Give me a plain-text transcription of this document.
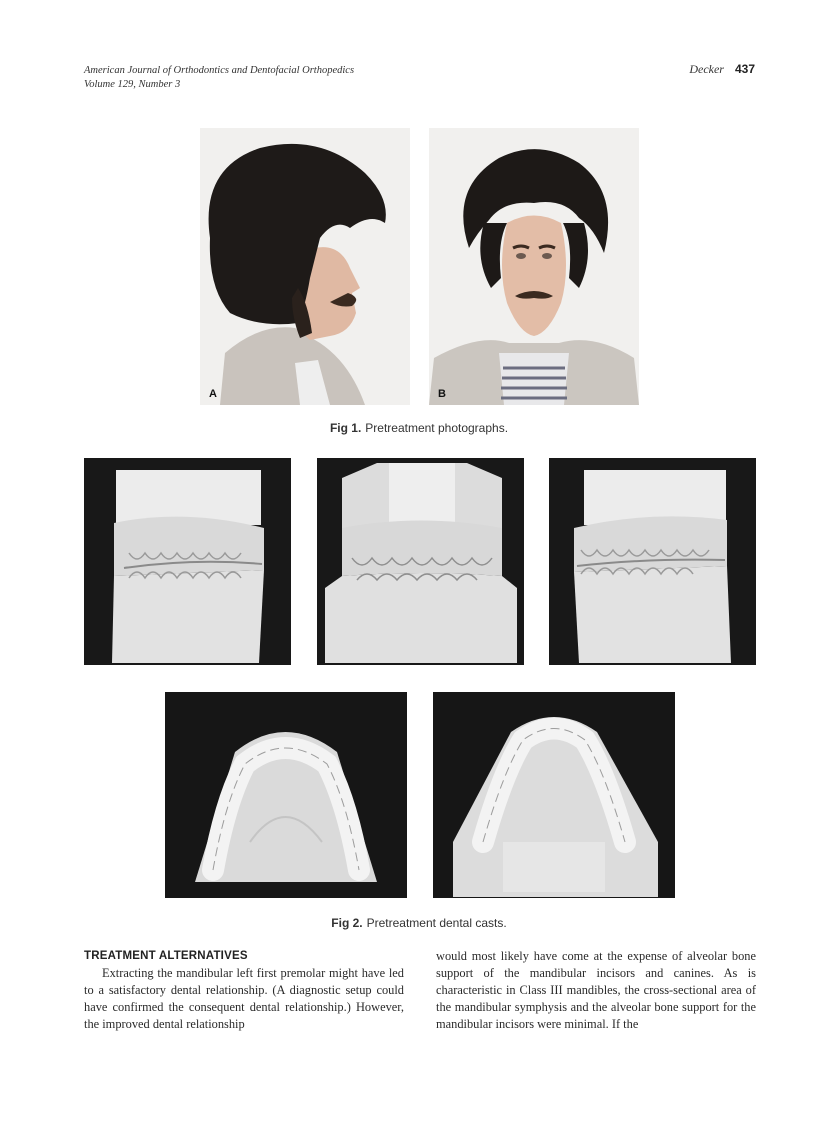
American Journal of Orthodontics and Dentofacial Orthopedics
Volume 129, Number 3
Decker 437
A	B
Fig 1. Pretreatment photographs.
Fig 2. Pretreatment dental casts.
TREATMENT ALTERNATIVES

Extracting the mandibular left first premolar might have led to a satisfactory dental relationship. (A diagnostic setup could have confirmed the consequent dental relationship.) However, the improved dental relationship

would most likely have come at the expense of alveolar bone support of the mandibular incisors and canines. As is characteristic in Class III mandibles, the cross-sectional area of the mandibular symphysis and the alveolar bone support for the mandibular incisors were minimal. If the
